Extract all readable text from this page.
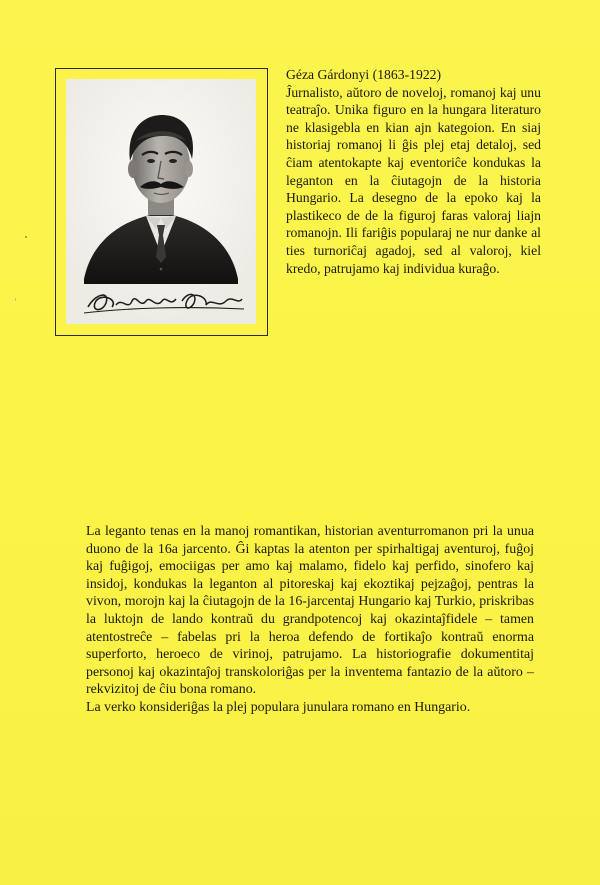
Géza Gárdonyi (1863-1922)
Ĵurnalisto, aŭtoro de noveloj, romanoj kaj unu teatraĵo. Unika figuro en la hungara literaturo ne klasigebla en kian ajn kategoion. En siaj historiaj romanoj li ĝis plej etaj detaloj, sed ĉiam atentokapte kaj eventoriĉe kondukas la leganton en la ĉiutagojn de la historia Hungario. La desegno de la epoko kaj la plastikeco de de la figuroj faras valoraj liajn romanojn. Ili fariĝis popularaj ne nur danke al ties turnoriĉaj agadoj, sed al valoroj, kiel kredo, patrujamo kaj individua kuraĝo.

La leganto tenas en la manoj romantikan, historian aventurromanon pri la unua duono de la 16a jarcento. Ĝi kaptas la atenton per spirhaltigaj aventuroj, fuĝoj kaj fuĝigoj, emociigas per amo kaj malamo, fidelo kaj perfido, sinofero kaj insidoj, kondukas la leganton al pitoreskaj kaj ekoztikaj pejzaĝoj, pentras la vivon, morojn kaj la ĉiutagojn de la 16-jarcentaj Hungario kaj Turkio, priskribas la luktojn de lando kontraŭ du grandpotencoj kaj okazintaĵfidele – tamen atentostreĉe – fabelas pri la heroa defendo de fortikaĵo kontraŭ enorma superforto, heroeco de virinoj, patrujamo. La historiografie dokumentitaj personoj kaj okazintaĵoj transkoloriĝas per la inventema fantazio de la aŭtoro – rekvizitoj de ĉiu bona romano.

La verko konsideriĝas la plej populara junulara romano en Hungario.
